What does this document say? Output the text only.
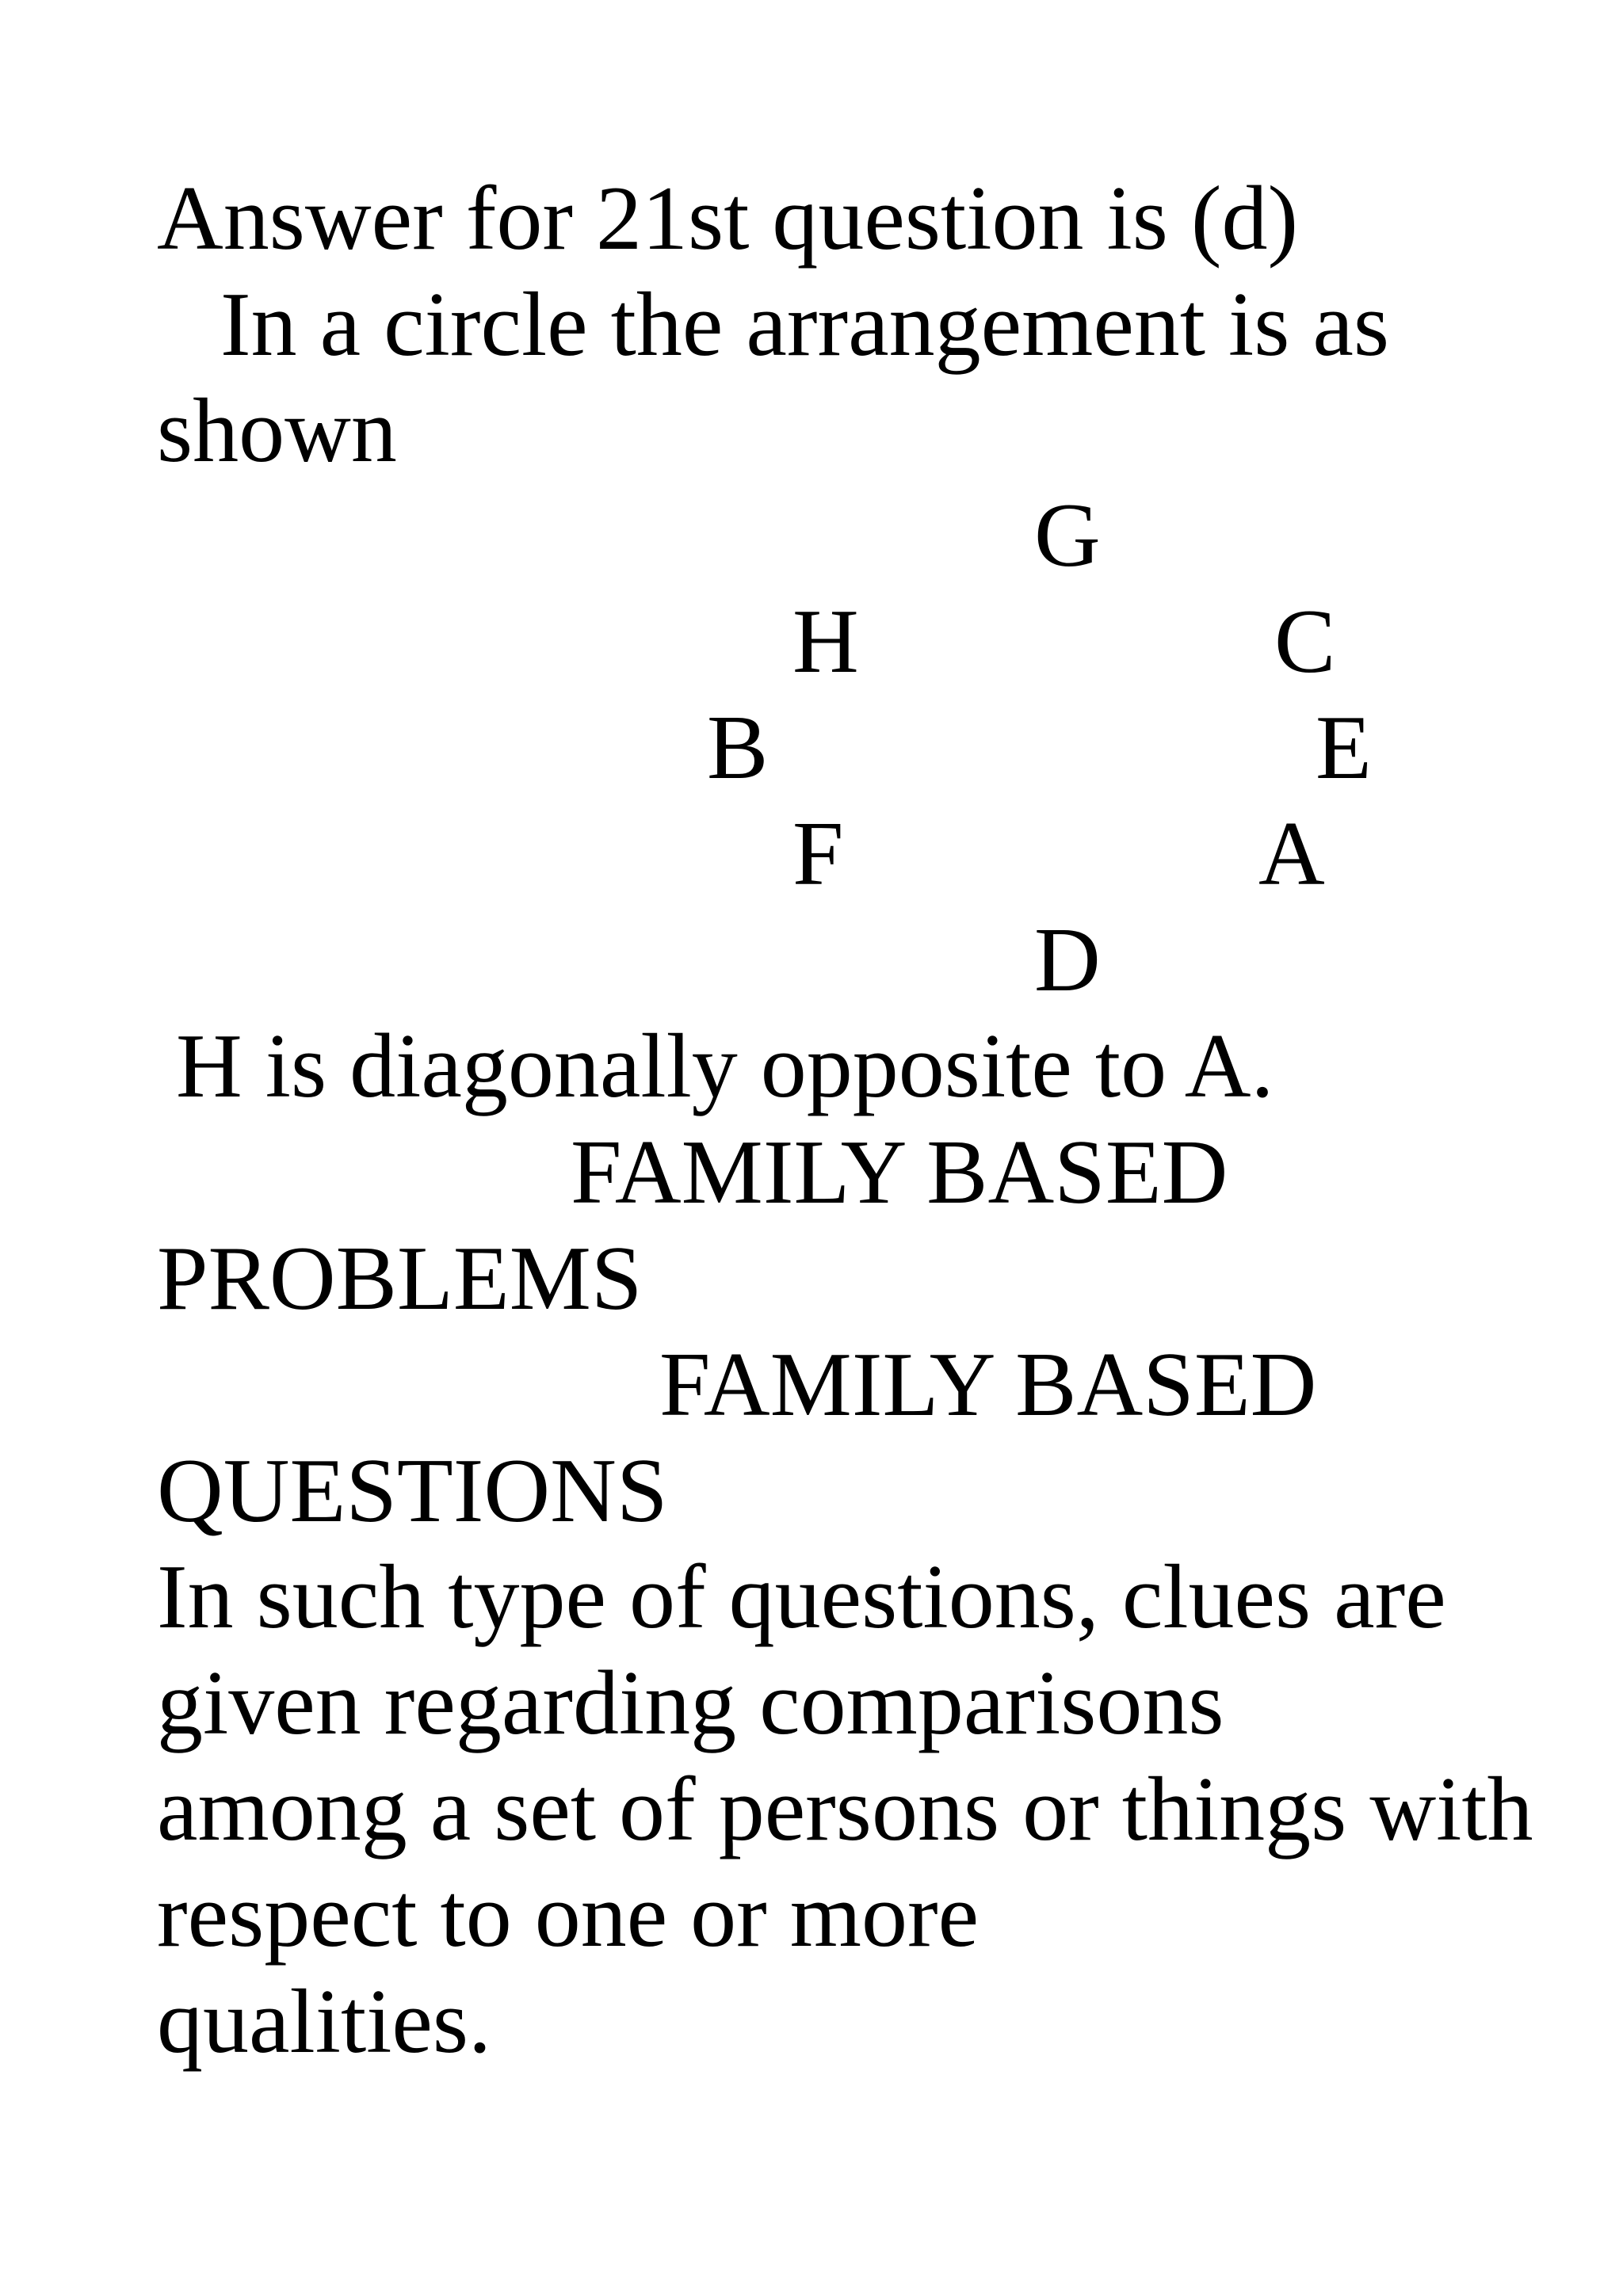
Answer for 21st question is (d)

In a circle the arrangement is as

shown

G
H	C
B	E
F	A
D

H is diagonally opposite to A.

FAMILY BASED

PROBLEMS

FAMILY BASED

QUESTIONS

In such type of questions, clues are

given regarding comparisons

among a set of persons or things with

respect to one or more

qualities.
